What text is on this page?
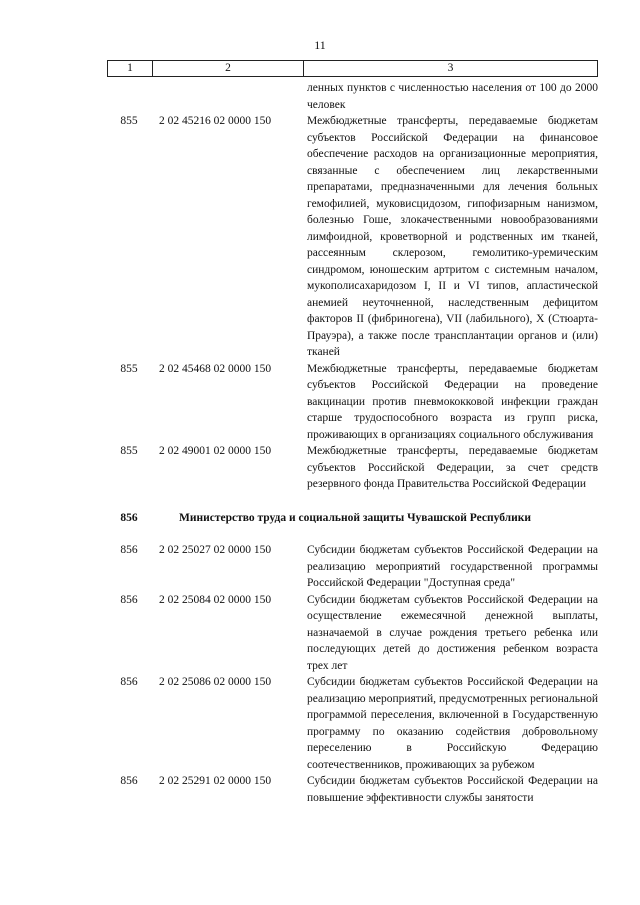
11
1	2	3
ленных пунктов с численностью населения от 100 до 2000 человек
855	2 02 45216 02 0000 150	Межбюджетные трансферты, передаваемые бюджетам субъектов Российской Федерации на финансовое обеспечение расходов на организационные мероприятия, связанные с обеспечением лиц лекарственными препаратами, предназначенными для лечения больных гемофилией, муковисцидозом, гипофизарным нанизмом, болезнью Гоше, злокачественными новообразованиями лимфоидной, кроветворной и родственных им тканей, рассеянным склерозом, гемолитико-уремическим синдромом, юношеским артритом с системным началом, мукополисахаридозом I, II и VI типов, апластической анемией неуточненной, наследственным дефицитом факторов II (фибриногена), VII (лабильного), X (Стюарта-Прауэра), а также после трансплантации органов и (или) тканей
855	2 02 45468 02 0000 150	Межбюджетные трансферты, передаваемые бюджетам субъектов Российской Федерации на проведение вакцинации против пневмококковой инфекции граждан старше трудоспособного возраста из групп риска, проживающих в организациях социального обслуживания
855	2 02 49001 02 0000 150	Межбюджетные трансферты, передаваемые бюджетам субъектов Российской Федерации, за счет средств резервного фонда Правительства Российской Федерации
856	Министерство труда и социальной защиты Чувашской Республики
856	2 02 25027 02 0000 150	Субсидии бюджетам субъектов Российской Федерации на реализацию мероприятий государственной программы Российской Федерации "Доступная среда"
856	2 02 25084 02 0000 150	Субсидии бюджетам субъектов Российской Федерации на осуществление ежемесячной денежной выплаты, назначаемой в случае рождения третьего ребенка или последующих детей до достижения ребенком возраста трех лет
856	2 02 25086 02 0000 150	Субсидии бюджетам субъектов Российской Федерации на реализацию мероприятий, предусмотренных региональной программой переселения, включенной в Государственную программу по оказанию содействия добровольному переселению в Российскую Федерацию соотечественников, проживающих за рубежом
856	2 02 25291 02 0000 150	Субсидии бюджетам субъектов Российской Федерации на повышение эффективности службы занятости
